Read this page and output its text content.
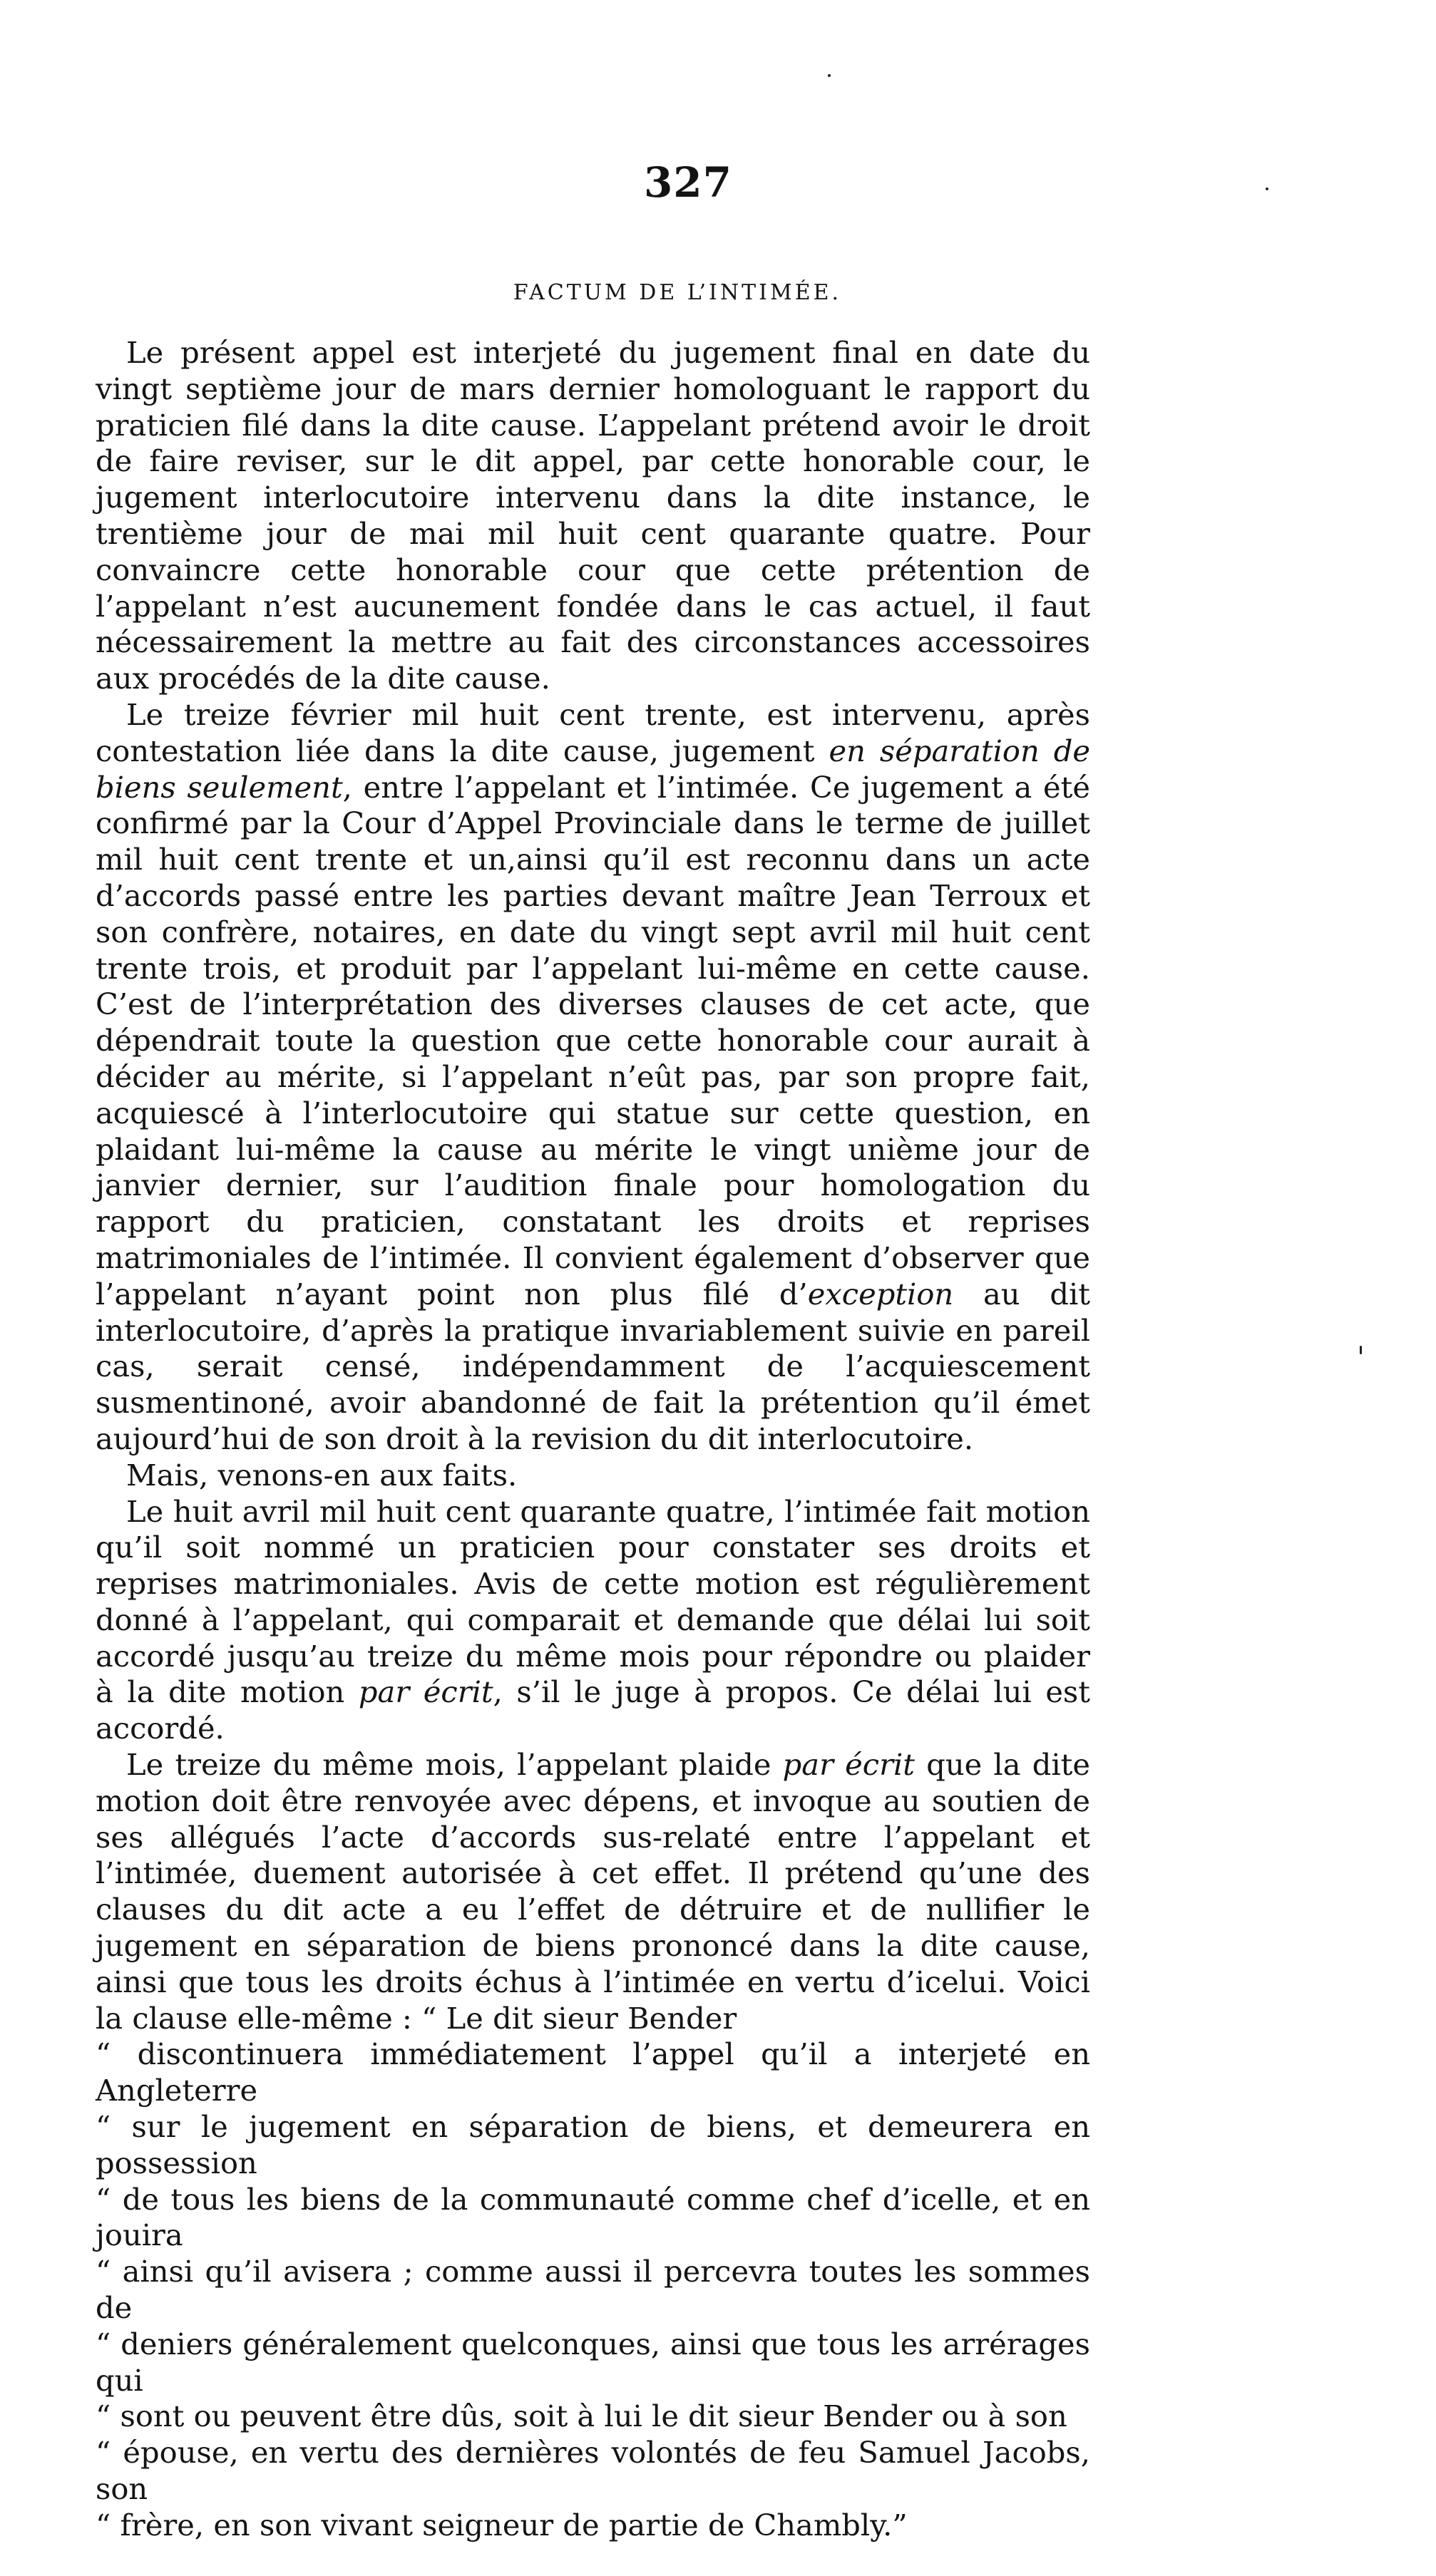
327
FACTUM DE L’INTIMÉE.

Le présent appel est interjeté du jugement final en date du vingt septième jour de mars dernier homologuant le rapport du praticien filé dans la dite cause. L’appelant prétend avoir le droit de faire reviser, sur le dit appel, par cette honorable cour, le jugement interlocutoire intervenu dans la dite instance, le trentième jour de mai mil huit cent quarante quatre. Pour convaincre cette honorable cour que cette prétention de l’appelant n’est aucunement fondée dans le cas actuel, il faut nécessairement la mettre au fait des circonstances accessoires aux procédés de la dite cause.

Le treize février mil huit cent trente, est intervenu, après contestation liée dans la dite cause, jugement en séparation de biens seulement, entre l’appelant et l’intimée. Ce jugement a été confirmé par la Cour d’Appel Provinciale dans le terme de juillet mil huit cent trente et un,ainsi qu’il est reconnu dans un acte d’accords passé entre les parties devant maître Jean Terroux et son confrère, notaires, en date du vingt sept avril mil huit cent trente trois, et produit par l’appelant lui-même en cette cause. C’est de l’interprétation des diverses clauses de cet acte, que dépendrait toute la question que cette honorable cour aurait à décider au mérite, si l’appelant n’eût pas, par son propre fait, acquiescé à l’interlocutoire qui statue sur cette question, en plaidant lui-même la cause au mérite le vingt unième jour de janvier dernier, sur l’audition finale pour homologation du rapport du praticien, constatant les droits et reprises matrimoniales de l’intimée. Il convient également d’observer que l’appelant n’ayant point non plus filé d’exception au dit interlocutoire, d’après la pratique invariablement suivie en pareil cas, serait censé, indépendamment de l’acquiescement susmentinoné, avoir abandonné de fait la prétention qu’il émet aujourd’hui de son droit à la revision du dit interlocutoire.

Mais, venons-en aux faits.

Le huit avril mil huit cent quarante quatre, l’intimée fait motion qu’il soit nommé un praticien pour constater ses droits et reprises matrimoniales. Avis de cette motion est régulièrement donné à l’appelant, qui comparait et demande que délai lui soit accordé jusqu’au treize du même mois pour répondre ou plaider à la dite motion par écrit, s’il le juge à propos. Ce délai lui est accordé.

Le treize du même mois, l’appelant plaide par écrit que la dite motion doit être renvoyée avec dépens, et invoque au soutien de ses allégués l’acte d’accords sus-relaté entre l’appelant et l’intimée, duement autorisée à cet effet. Il prétend qu’une des clauses du dit acte a eu l’effet de détruire et de nullifier le jugement en séparation de biens prononcé dans la dite cause, ainsi que tous les droits échus à l’intimée en vertu d’icelui. Voici la clause elle-même : “ Le dit sieur Bender
“ discontinuera immédiatement l’appel qu’il a interjeté en Angleterre
“ sur le jugement en séparation de biens, et demeurera en possession
“ de tous les biens de la communauté comme chef d’icelle, et en jouira
“ ainsi qu’il avisera ; comme aussi il percevra toutes les sommes de
“ deniers généralement quelconques, ainsi que tous les arrérages qui
“ sont ou peuvent être dûs, soit à lui le dit sieur Bender ou à son
“ épouse, en vertu des dernières volontés de feu Samuel Jacobs, son
“ frère, en son vivant seigneur de partie de Chambly.”
